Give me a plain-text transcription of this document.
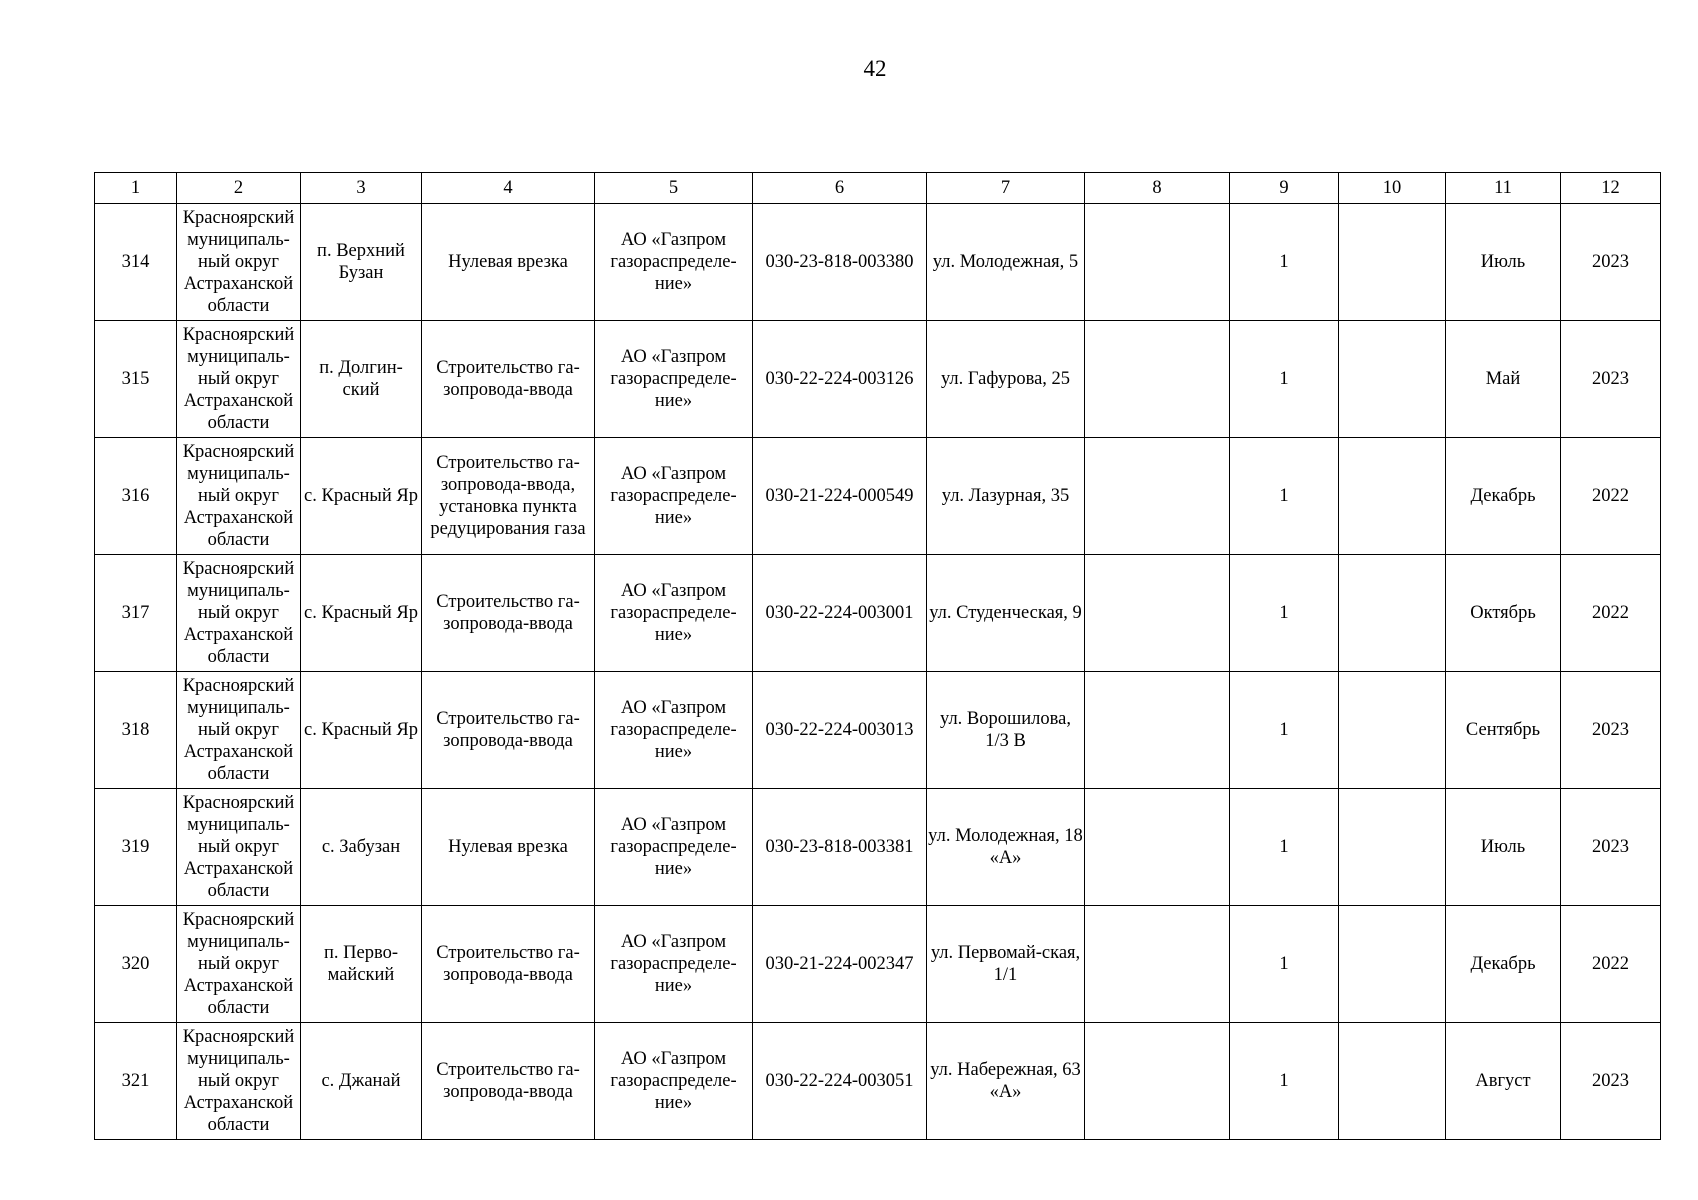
42
1	2	3	4	5	6	7	8	9	10	11	12

314	Красноярский муниципаль-ный округ Астраханской области	п. Верхний Бузан	Нулевая врезка	АО «Газпром газораспределе-ние»	030-23-818-003380	ул. Молодежная, 5		1		Июль	2023

315	Красноярский муниципаль-ный округ Астраханской области	п. Долгин-ский	Строительство га-зопровода-ввода	АО «Газпром газораспределе-ние»	030-22-224-003126	ул. Гафурова, 25		1		Май	2023

316	Красноярский муниципаль-ный округ Астраханской области	с. Красный Яр	Строительство га-зопровода-ввода, установка пункта редуцирования газа	АО «Газпром газораспределе-ние»	030-21-224-000549	ул. Лазурная, 35		1		Декабрь	2022

317	Красноярский муниципаль-ный округ Астраханской области	с. Красный Яр	Строительство га-зопровода-ввода	АО «Газпром газораспределе-ние»	030-22-224-003001	ул. Студенческая, 9		1		Октябрь	2022

318	Красноярский муниципаль-ный округ Астраханской области	с. Красный Яр	Строительство га-зопровода-ввода	АО «Газпром газораспределе-ние»	030-22-224-003013	ул. Ворошилова, 1/3 В		1		Сентябрь	2023

319	Красноярский муниципаль-ный округ Астраханской области	с. Забузан	Нулевая врезка	АО «Газпром газораспределе-ние»	030-23-818-003381	ул. Молодежная, 18 «А»		1		Июль	2023

320	Красноярский муниципаль-ный округ Астраханской области	п. Перво-майский	Строительство га-зопровода-ввода	АО «Газпром газораспределе-ние»	030-21-224-002347	ул. Первомай-ская, 1/1		1		Декабрь	2022

321	Красноярский муниципаль-ный округ Астраханской области	с. Джанай	Строительство га-зопровода-ввода	АО «Газпром газораспределе-ние»	030-22-224-003051	ул. Набережная, 63 «А»		1		Август	2023
